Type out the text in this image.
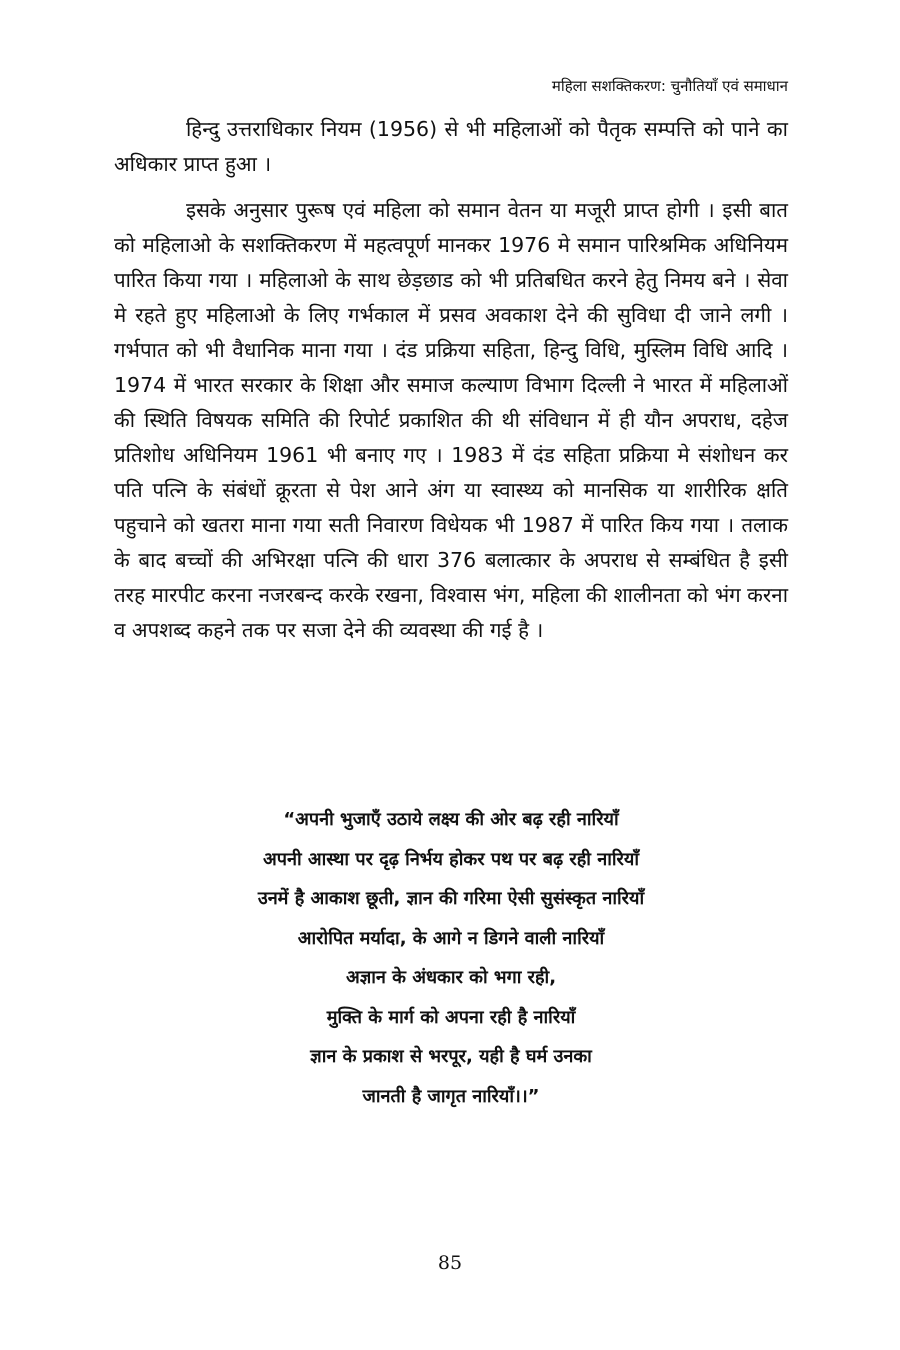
महिला सशक्तिकरण: चुनौतियाँ एवं समाधान

हिन्दु उत्तराधिकार नियम (1956) से भी महिलाओं को पैतृक सम्पत्ति को पाने का अधिकार प्राप्त हुआ ।

इसके अनुसार पुरूष एवं महिला को समान वेतन या मजूरी प्राप्त होगी । इसी बात को महिलाओ के सशक्तिकरण में महत्वपूर्ण मानकर 1976 मे समान पारिश्रमिक अधिनियम पारित किया गया । महिलाओ के साथ छेड़छाड को भी प्रतिबधित करने हेतु निमय बने । सेवा मे रहते हुए महिलाओ के लिए गर्भकाल में प्रसव अवकाश देने की सुविधा दी जाने लगी । गर्भपात को भी वैधानिक माना गया । दंड प्रक्रिया सहिता, हिन्दु विधि, मुस्लिम विधि आदि । 1974 में भारत सरकार के शिक्षा और समाज कल्याण विभाग दिल्ली ने भारत में महिलाओं की स्थिति विषयक समिति की रिपोर्ट प्रकाशित की थी संविधान में ही यौन अपराध, दहेज प्रतिशोध अधिनियम 1961 भी बनाए गए । 1983 में दंड सहिता प्रक्रिया मे संशोधन कर पति पत्नि के संबंधों क्रूरता से पेश आने अंग या स्वास्थ्य को मानसिक या शारीरिक क्षति पहुचाने को खतरा माना गया सती निवारण विधेयक भी 1987 में पारित किय गया । तलाक के बाद बच्चों की अभिरक्षा पत्नि की धारा 376 बलात्कार के अपराध से सम्बंधित है इसी तरह मारपीट करना नजरबन्द करके रखना, विश्वास भंग, महिला की शालीनता को भंग करना व अपशब्द कहने तक पर सजा देने की व्यवस्था की गई है ।

“अपनी भुजाएँ उठाये लक्ष्य की ओर बढ़ रही नारियाँ
अपनी आस्था पर दृढ़ निर्भय होकर पथ पर बढ़ रही नारियाँ
उनमें है आकाश छूती, ज्ञान की गरिमा ऐसी सुसंस्कृत नारियाँ
आरोपित मर्यादा, के आगे न डिगने वाली नारियाँ
अज्ञान के अंधकार को भगा रही,
मुक्ति के मार्ग को अपना रही है नारियाँ
ज्ञान के प्रकाश से भरपूर, यही है घर्म उनका
जानती है जागृत नारियाँ।।”
85
